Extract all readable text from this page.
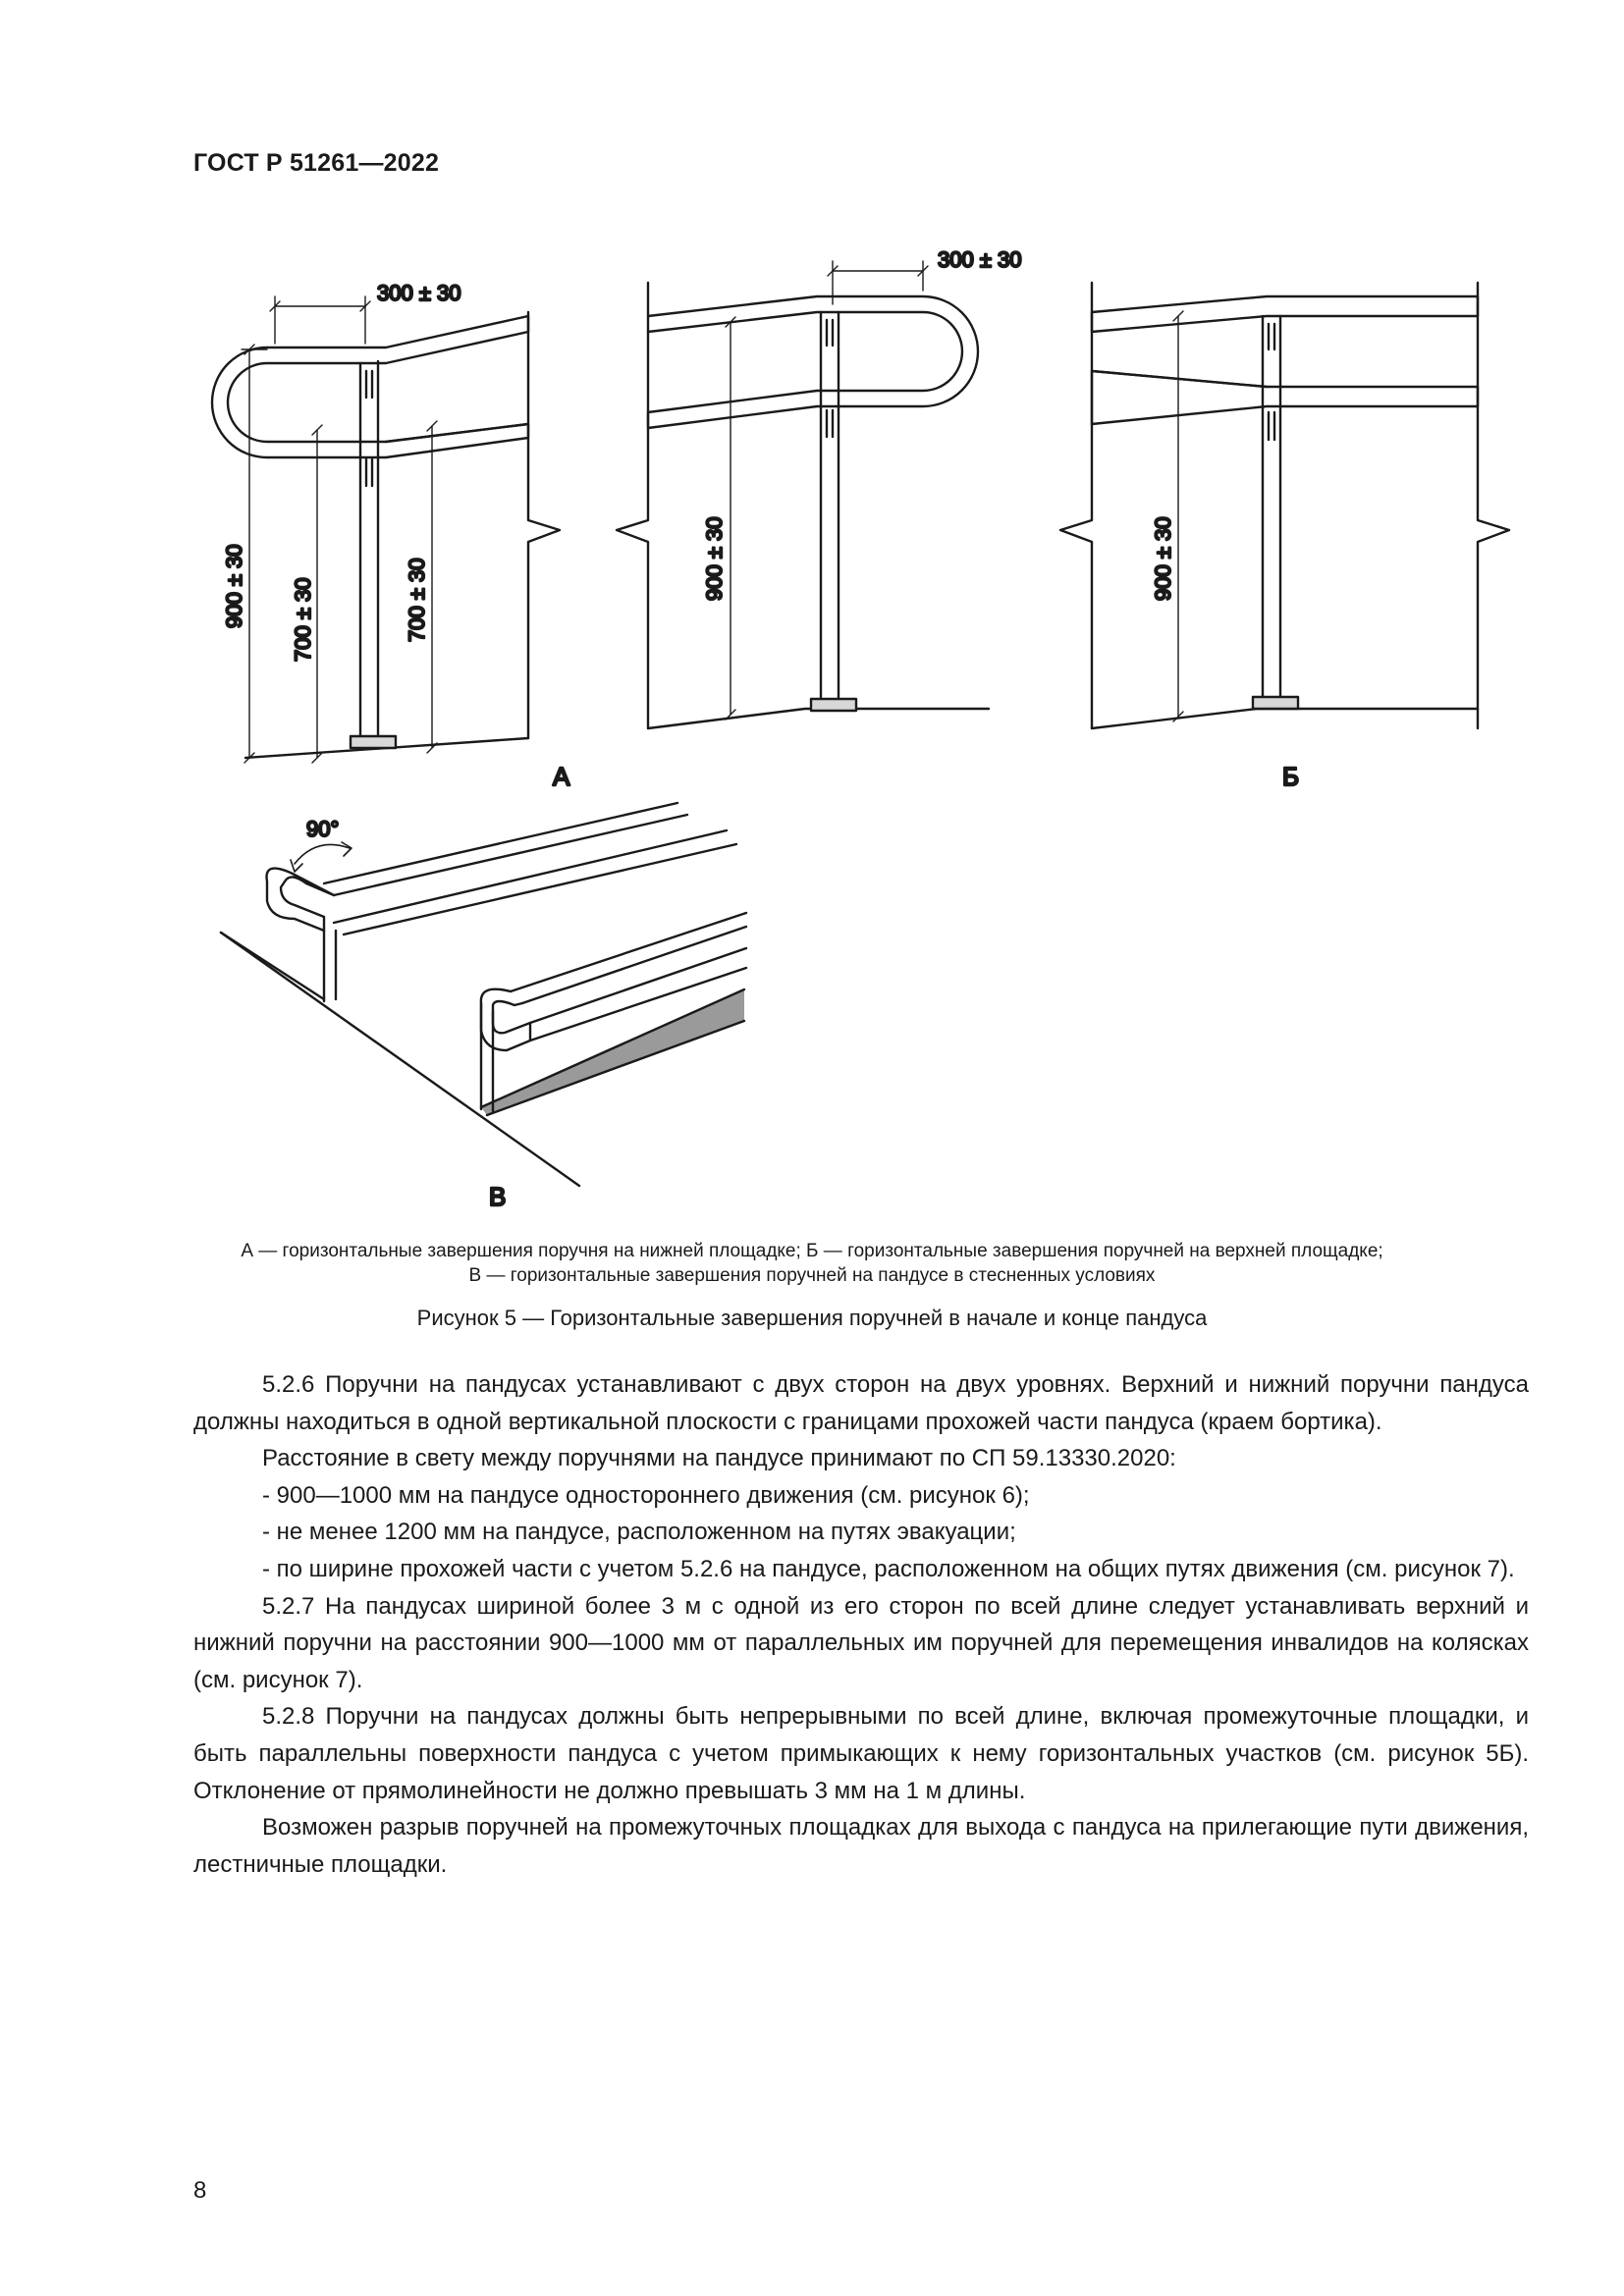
ГОСТ Р 51261—2022
300 ± 30
900 ± 30 700 ± 30	700 ± 30
А
300 ± 30
900 ± 30	900 ± 30
Б
90°
В
А — горизонтальные завершения поручня на нижней площадке; Б — горизонтальные завершения поручней на верхней площадке;
В — горизонтальные завершения поручней на пандусе в стесненных условиях
Рисунок 5 — Горизонтальные завершения поручней в начале и конце пандуса

5.2.6 Поручни на пандусах устанавливают с двух сторон на двух уровнях. Верхний и нижний поручни пандуса должны находиться в одной вертикальной плоскости с границами прохожей части пандуса (краем бортика).

Расстояние в свету между поручнями на пандусе принимают по СП 59.13330.2020:

- 900—1000 мм на пандусе одностороннего движения (см. рисунок 6);

- не менее 1200 мм на пандусе, расположенном на путях эвакуации;

- по ширине прохожей части с учетом 5.2.6 на пандусе, расположенном на общих путях движения (см. рисунок 7).

5.2.7 На пандусах шириной более 3 м с одной из его сторон по всей длине следует устанавливать верхний и нижний поручни на расстоянии 900—1000 мм от параллельных им поручней для перемещения инвалидов на колясках (см. рисунок 7).

5.2.8 Поручни на пандусах должны быть непрерывными по всей длине, включая промежуточные площадки, и быть параллельны поверхности пандуса с учетом примыкающих к нему горизонтальных участков (см. рисунок 5Б). Отклонение от прямолинейности не должно превышать 3 мм на 1 м длины.

Возможен разрыв поручней на промежуточных площадках для выхода с пандуса на прилегающие пути движения, лестничные площадки.

8
